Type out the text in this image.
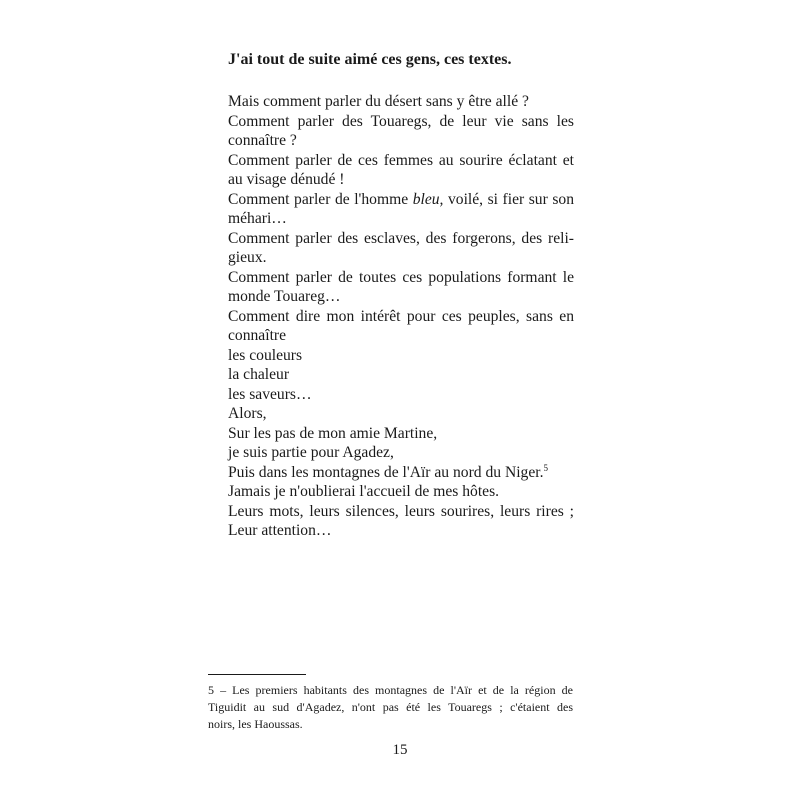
J'ai tout de suite aimé ces gens, ces textes.

Mais comment parler du désert sans y être allé ?
Comment parler des Touaregs, de leur vie sans les
connaître ?
Comment parler de ces femmes au sourire éclatant et
au visage dénudé !
Comment parler de l'homme bleu, voilé, si fier sur son
méhari…
Comment parler des esclaves, des forgerons, des reli-
gieux.
Comment parler de toutes ces populations formant le
monde Touareg…
Comment dire mon intérêt pour ces peuples, sans en
connaître
les couleurs
la chaleur
les saveurs…
Alors,
Sur les pas de mon amie Martine,
je suis partie pour Agadez,
Puis dans les montagnes de l'Aïr au nord du Niger.$^5$
Jamais je n'oublierai l'accueil de mes hôtes.
Leurs mots, leurs silences, leurs sourires, leurs rires ;
Leur attention…
5 – Les premiers habitants des montagnes de l'Aïr et de la région de
Tiguidit au sud d'Agadez, n'ont pas été les Touaregs ; c'étaient des
noirs, les Haoussas.
15
